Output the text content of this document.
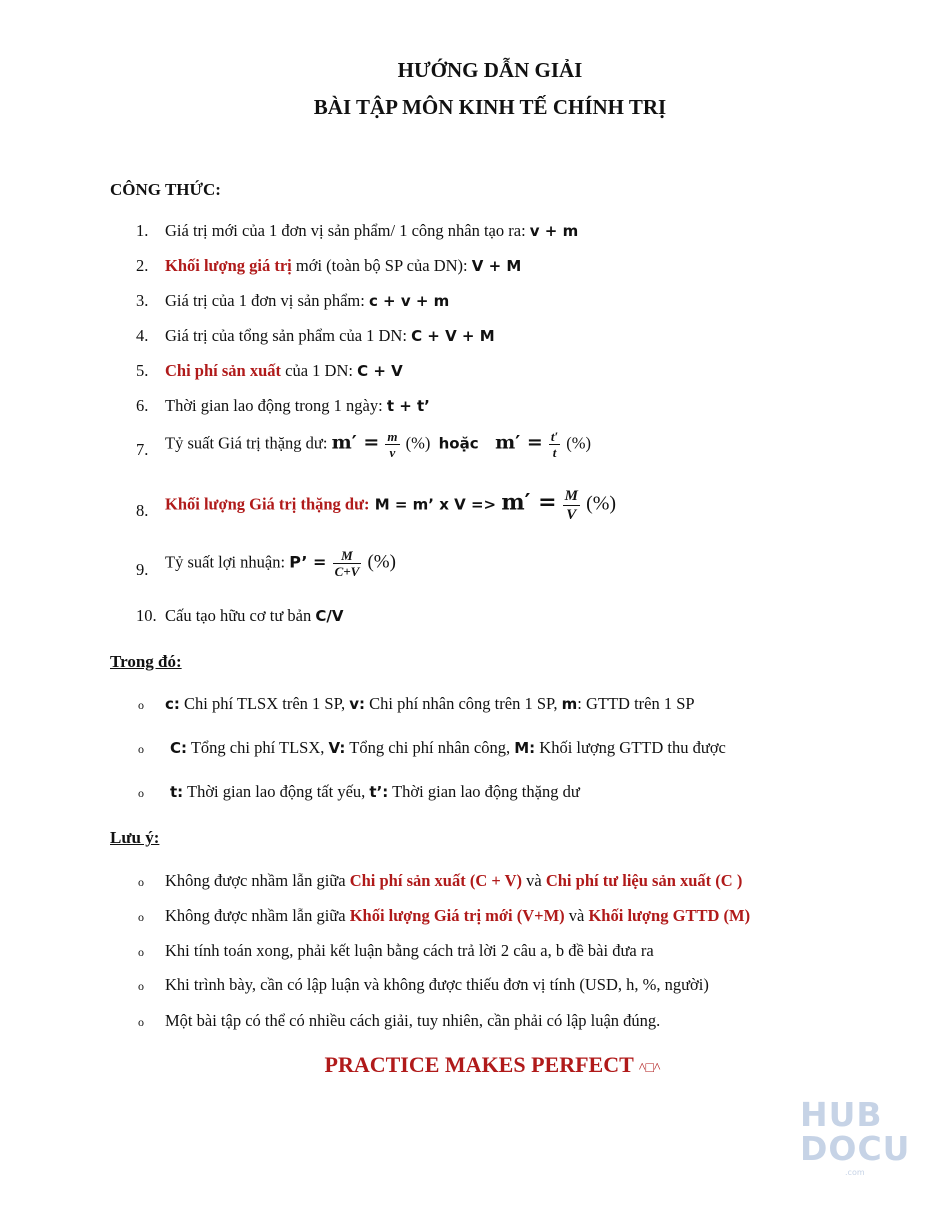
HƯỚNG DẪN GIẢI
BÀI TẬP MÔN KINH TẾ CHÍNH TRỊ
CÔNG THỨC:
1. Giá trị mới của 1 đơn vị sản phẩm/ 1 công nhân tạo ra: v + m
2. Khối lượng giá trị mới (toàn bộ SP của DN): V + M
3. Giá trị của 1 đơn vị sản phẩm: c + v + m
4. Giá trị của tổng sản phẩm của 1 DN: C + V + M
5. Chi phí sản xuất của 1 DN: C + V
6. Thời gian lao động trong 1 ngày: t + t’
7. Tỷ suất Giá trị thặng dư: $m' = \frac{m}{v}$ (%) hoặc $m' = \frac{t'}{t}$ (%)
8. Khối lượng Giá trị thặng dư: M = m’ x $V => m' = \frac{M}{V}$ (%)
9. Tỷ suất lợi nhuận: P’ = $\frac{M}{C+V}$ (%)
10. Cấu tạo hữu cơ tư bản C/V
Trong đó:
o c: Chi phí TLSX trên 1 SP, v: Chi phí nhân công trên 1 SP, m: GTTD trên 1 SP
o C: Tổng chi phí TLSX, V: Tổng chi phí nhân công, M: Khối lượng GTTD thu được
o t: Thời gian lao động tất yếu, t’: Thời gian lao động thặng dư
Lưu ý:
o Không được nhầm lẫn giữa Chi phí sản xuất (C + V) và Chi phí tư liệu sản xuất (C )
o Không được nhầm lẫn giữa Khối lượng Giá trị mới (V+M) và Khối lượng GTTD (M)
o Khi tính toán xong, phải kết luận bằng cách trả lời 2 câu a, b đề bài đưa ra
o Khi trình bày, cần có lập luận và không được thiếu đơn vị tính (USD, h, %, người)
o Một bài tập có thể có nhiều cách giải, tuy nhiên, cần phải có lập luận đúng.
PRACTICE MAKES PERFECT ^□^
HUB
DOCU
.com
